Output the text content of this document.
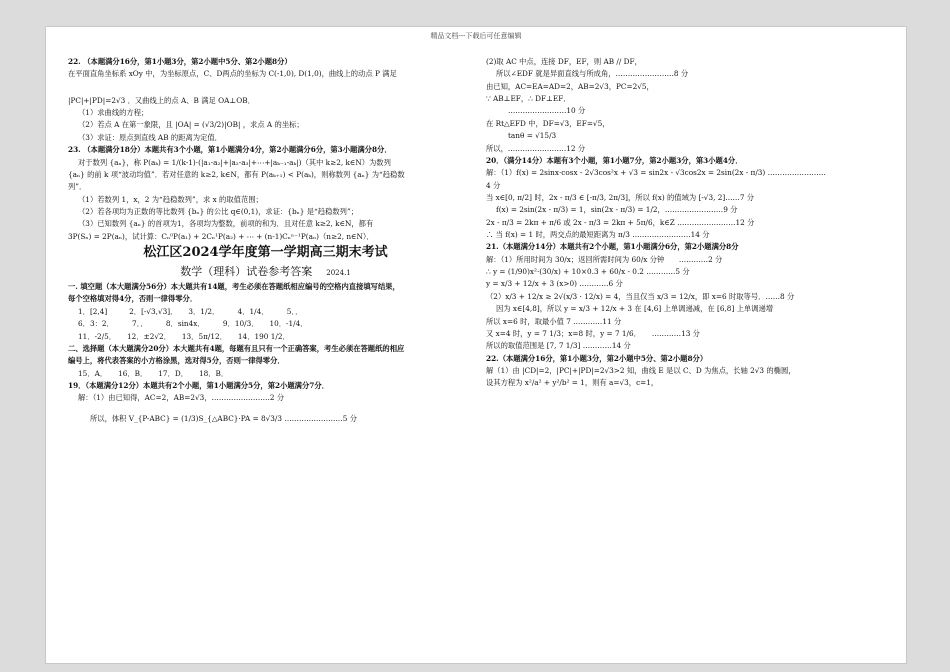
精品文档---下载后可任意编辑

22. （本题满分16分，第1小题3分，第2小题中5分、第2小题8分）

在平面直角坐标系 xOy 中，为坐标原点，C、D两点的坐标为 C(-1,0), D(1,0)，曲线上的动点 P 满足

|PC|+|PD|=2√3 ．又曲线上的点 A、B 满足 OA⊥OB．

（1）求曲线的方程；

（2）若点 A 在第一象限，且 |OA| = (√3/2)|OB| ，求点 A 的坐标；

（3）求证：原点到直线 AB 的距离为定值．

23. （本题满分18分）本题共有3个小题，第1小题满分4分，第2小题满分6分，第3小题满分8分．

对于数列 {aₙ}，称 P(aₖ) = 1/(k-1)·(|a₁-a₂|+|a₂-a₃|+⋯+|aₖ₋₁-aₖ|)（其中 k≥2, k∈N）为数列

{aₙ} 的前 k 项“波动均值”．若对任意的 k≥2, k∈N，都有 P(aₖ₊₁) < P(aₖ)，则称数列 {aₙ} 为“趋稳数

列”．

（1）若数列 1，x，2 为“趋稳数列”，求 x 的取值范围；

（2）若各项均为正数的等比数列 {bₙ} 的公比 q∈(0,1)，求证：{bₙ} 是“趋稳数列”；

（3）已知数列 {aₙ} 的首项为1，各项均为整数，前项的和为．且对任意 k≥2, k∈N，都有

3P(Sₙ) = 2P(aₙ)，试计算：Cₙ⁰P(a₁) + 2Cₙ¹P(a₂) + ⋯ + (n-1)Cₙⁿ⁻¹P(aₙ)（n≥2, n∈N）．

松江区2024学年度第一学期高三期末考试

数学（理科）试卷参考答案 2024.1

一. 填空题（本大题满分56分）本大题共有14题，考生必须在答题纸相应编号的空格内直接填写结果，

每个空格填对得4分，否则一律得零分．

1．[2,4]　　　2．[-√3,√3]．　　3．1/2．　　　4．1/4．　　　5．．

6．3：2．　　　7．．　　　8．sin4x．　　　9．10/3．　　10．-1/4．

11．-2/5．　　12．±2√2．　　13．5π/12．　　14．190 1/2．

二、选择题（本大题满分20分）本大题共有4题，每题有且只有一个正确答案，考生必须在答题纸的相应

编号上，将代表答案的小方格涂黑，选对得5分，否则一律得零分．

15．A．　　16．B．　　17．D．　　18．B．

19．（本题满分12分）本题共有2个小题，第1小题满分5分，第2小题满分7分．

解：（1）由已知得，AC=2，AB=2√3，……………………2 分

所以，体积 V_{P-ABC} = (1/3)S_{△ABC}·PA = 8√3/3 ……………………5 分

(2)取 AC 中点，连接 DF，EF，则 AB // DF，

所以∠EDF 就是异面直线与所成角，……………………8 分

由已知，AC=EA=AD=2，AB=2√3，PC=2√5，

∵ AB⊥EF，∴ DF⊥EF．

……………………10 分

在 Rt△EFD 中，DF=√3，EF=√5，

tanθ = √15/3

所以，……………………12 分

20．（满分14分）本题有3个小题，第1小题7分，第2小题3分，第3小题4分．

解：（1）f(x) = 2sinx·cosx - 2√3cos²x + √3 = sin2x - √3cos2x = 2sin(2x - π/3) ……………………

4 分

当 x∈[0, π/2] 时，2x - π/3 ∈ [-π/3, 2π/3]，所以 f(x) 的值域为 [-√3, 2]……7 分

f(x) = 2sin(2x - π/3) = 1，sin(2x - π/3) = 1/2，……………………9 分

2x - π/3 = 2kπ + π/6 或 2x - π/3 = 2kπ + 5π/6，k∈Z ……………………12 分

∴ 当 f(x) = 1 时，两交点的最短距离为 π/3 ……………………14 分

21.（本题满分14分）本题共有2个小题，第1小题满分6分，第2小题满分8分

解：（1）所用时间为 30/x；返回所需时间为 60/x 分钟　　…………2 分

∴ y = (1/90)x²·(30/x) + 10×0.3 + 60/x - 0.2 …………5 分

y = x/3 + 12/x + 3 (x>0) …………6 分

（2）x/3 + 12/x ≥ 2√(x/3 · 12/x) = 4，当且仅当 x/3 = 12/x，即 x=6 时取等号．……8 分

因为 x∈[4,8]，所以 y = x/3 + 12/x + 3 在 [4,6] 上单调递减，在 [6,8] 上单调递增

所以 x=6 时，取最小值 7 …………11 分

又 x=4 时，y = 7 1/3；x=8 时，y = 7 1/6．　　…………13 分

所以的取值范围是 [7, 7 1/3] …………14 分

22.（本题满分16分，第1小题3分，第2小题中5分、第2小题8分）

解（1）由 |CD|=2，|PC|+|PD|=2√3>2 知，曲线 E 是以 C、D 为焦点，长轴 2√3 的椭圆，

设其方程为 x²/a² + y²/b² = 1，则有 a=√3，c=1，
